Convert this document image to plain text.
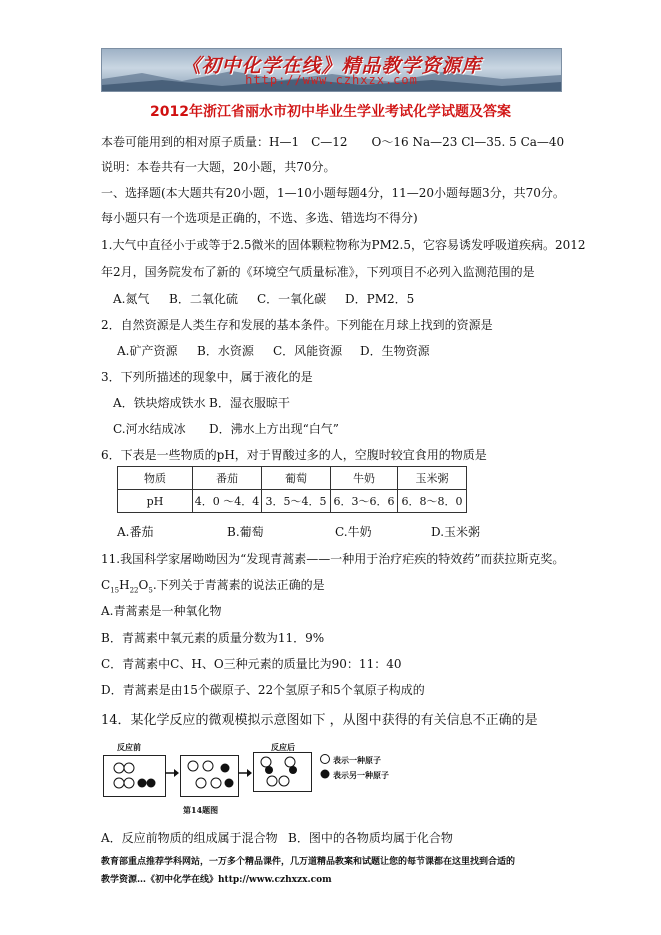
《初中化学在线》精品教学资源库
http://www.czhxzx.com
2012年浙江省丽水市初中毕业生学业考试化学试题及答案
本卷可能用到的相对原子质量：H—1　C—12　　O～16 Na—23 Cl—35. 5 Ca—40
说明：本卷共有一大题，20小题，共70分。
一、选择题(本大题共有20小题，1—10小题每题4分，11—20小题每题3分，共70分。
每小题只有一个选项是正确的，不选、多选、错选均不得分)
1.大气中直径小于或等于2.5微米的固体颗粒物称为PM2.5，它容易诱发呼吸道疾病。2012
年2月，国务院发布了新的《环境空气质量标准》，下列项目不必列入监测范围的是
A.氮气 B．二氧化硫 C．一氧化碳 D．PM2．5
2．自然资源是人类生存和发展的基本条件。下列能在月球上找到的资源是
A.矿产资源 B．水资源 C．风能资源 D．生物资源
3．下列所描述的现象中，属于液化的是
A．铁块熔成铁水 B．湿衣服晾干
C.河水结成冰 D．沸水上方出现“白气”
6．下表是一些物质的pH，对于胃酸过多的人，空腹时较宜食用的物质是
物质	番茄	葡萄	牛奶	玉米粥
pH	4．0 ～4．4	3．5～4．5	6．3～6．6	6．8～8．0
A.番茄	B.葡萄	C.牛奶	D.玉米粥
11.我国科学家屠呦呦因为“发现青蒿素——一种用于治疗疟疾的特效药”而获拉斯克奖。
$C_{15}H_{22}O_5$.下列关于青蒿素的说法正确的是
A.青蒿素是一种氧化物
B．青蒿素中氧元素的质量分数为11．9%
C．青蒿素中C、H、O三种元素的质量比为90：11：40
D．青蒿素是由15个碳原子、22个氢原子和5个氧原子构成的
14．某化学反应的微观模拟示意图如下 ，从图中获得的有关信息不正确的是
反应前	反应后
表示一种原子
表示另一种原子
第14题图
A．反应前物质的组成属于混合物 B．图中的各物质均属于化合物
教育部重点推荐学科网站，一万多个精品课件，几万道精品教案和试题让您的每节课都在这里找到合适的
教学资源…《初中化学在线》http://www.czhxzx.com
